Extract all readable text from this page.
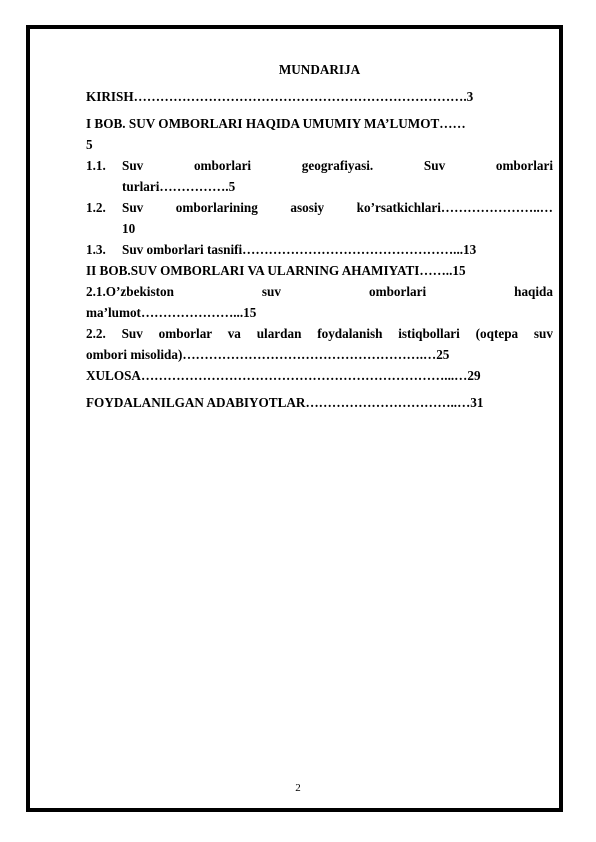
MUNDARIJA

KIRISH………………………………………………………………….3

I BOB. SUV OMBORLARI HAQIDA UMUMIY MA’LUMOT……

5

1.1.	Suv omborlari geografiyasi. Suv omborlari

turlari…………….5

1.2.	Suv omborlarining asosiy ko’rsatkichlari…………………..…

10

1.3.	Suv omborlari tasnifi…………………………………………...13

II BOB.SUV OMBORLARI VA ULARNING AHAMIYATI……..15

2.1.O’zbekiston suv omborlari haqida

ma’lumot…………………...15

2.2. Suv omborlar va ulardan foydalanish istiqbollari (oqtepa suv

ombori misolida)……………………………………………….…25

XULOSA……………………………………………………………...…29

FOYDALANILGAN ADABIYOTLAR……………………………..…31

2
